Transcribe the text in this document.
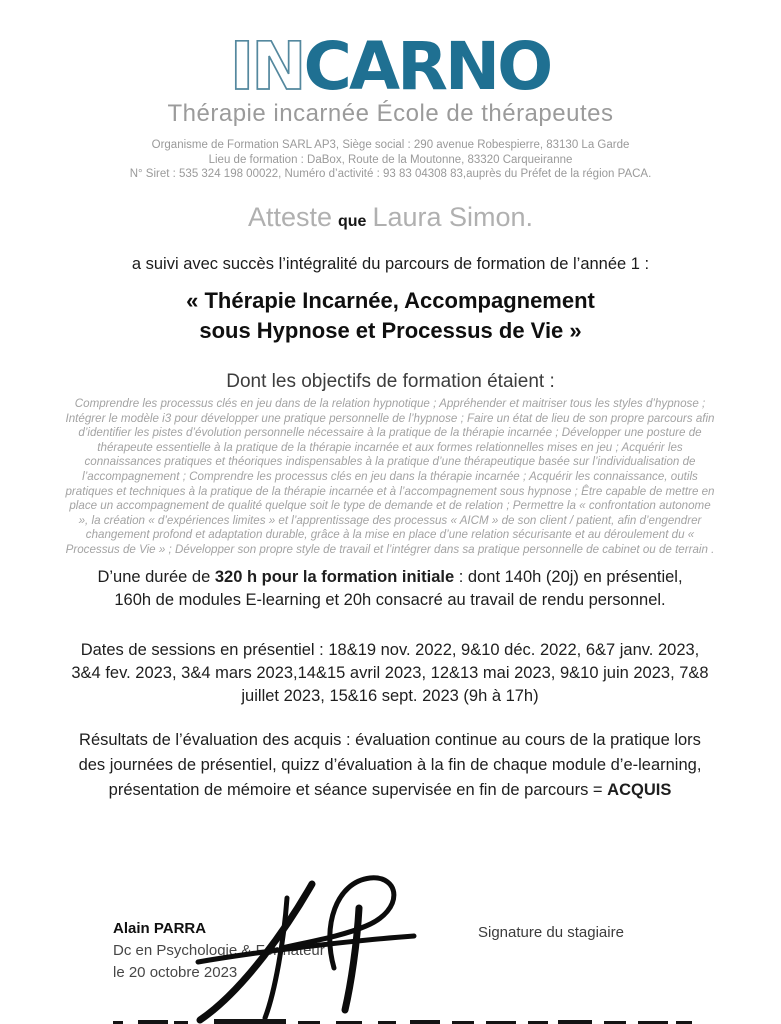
INCARNO
Thérapie incarnée École de thérapeutes
Organisme de Formation SARL AP3, Siège social : 290 avenue Robespierre, 83130 La Garde
Lieu de formation : DaBox, Route de la Moutonne, 83320 Carqueiranne
N° Siret : 535 324 198 00022, Numéro d’activité : 93 83 04308 83,auprès du Préfet de la région PACA.
Atteste que Laura Simon.
a suivi avec succès l’intégralité du parcours de formation de l’année 1 :
« Thérapie Incarnée, Accompagnement
sous Hypnose et Processus de Vie »
Dont les objectifs de formation étaient :
Comprendre les processus clés en jeu dans de la relation hypnotique ; Appréhender et maitriser tous les styles d’hypnose ; Intégrer le modèle i3 pour développer une pratique personnelle de l’hypnose ; Faire un état de lieu de son propre parcours afin d’identifier les pistes d’évolution personnelle nécessaire à la pratique de la thérapie incarnée ; Développer une posture de thérapeute essentielle à la pratique de la thérapie incarnée et aux formes relationnelles mises en jeu ; Acquérir les connaissances pratiques et théoriques indispensables à la pratique d’une thérapeutique basée sur l’individualisation de l’accompagnement ; Comprendre les processus clés en jeu dans la thérapie incarnée ; Acquérir les connaissance, outils pratiques et techniques à la pratique de la thérapie incarnée et à l’accompagnement sous hypnose ; Être capable de mettre en place un accompagnement de qualité quelque soit le type de demande et de relation ; Permettre la « confrontation autonome », la création « d’expériences limites » et l’apprentissage des processus « AICM » de son client / patient, afin d’engendrer changement profond et adaptation durable, grâce à la mise en place d’une relation sécurisante et au déroulement du « Processus de Vie » ; Développer son propre style de travail et l’intégrer dans sa pratique personnelle de cabinet ou de terrain .
D’une durée de 320 h pour la formation initiale : dont 140h (20j) en présentiel, 160h de modules E-learning et 20h consacré au travail de rendu personnel.
Dates de sessions en présentiel : 18&19 nov. 2022, 9&10 déc. 2022, 6&7 janv. 2023, 3&4 fev. 2023, 3&4 mars 2023,14&15 avril 2023, 12&13 mai 2023, 9&10 juin 2023, 7&8 juillet 2023, 15&16 sept. 2023 (9h à 17h)
Résultats de l’évaluation des acquis : évaluation continue au cours de la pratique lors des journées de présentiel, quizz d’évaluation à la fin de chaque module d’e-learning, présentation de mémoire et séance supervisée en fin de parcours = ACQUIS
Alain PARRA
Dc en Psychologie & Formateur
le 20 octobre 2023
Signature du stagiaire
